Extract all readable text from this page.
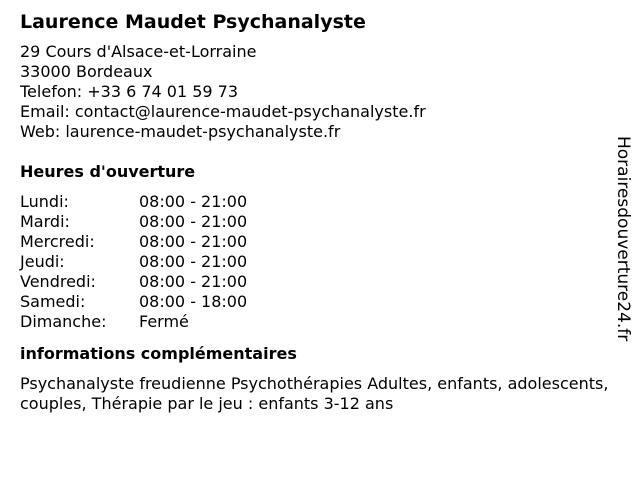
Laurence Maudet Psychanalyste
29 Cours d'Alsace-et-Lorraine
33000 Bordeaux
Telefon: +33 6 74 01 59 73
Email: contact@laurence-maudet-psychanalyste.fr
Web: laurence-maudet-psychanalyste.fr
Heures d'ouverture
Lundi:	08:00 - 21:00
Mardi:	08:00 - 21:00
Mercredi:	08:00 - 21:00
Jeudi:	08:00 - 21:00
Vendredi:	08:00 - 21:00
Samedi:	08:00 - 18:00
Dimanche:	Fermé
informations complémentaires
Psychanalyste freudienne Psychothérapies Adultes, enfants, adolescents, couples, Thérapie par le jeu : enfants 3-12 ans
Horairesdouverture24.fr
